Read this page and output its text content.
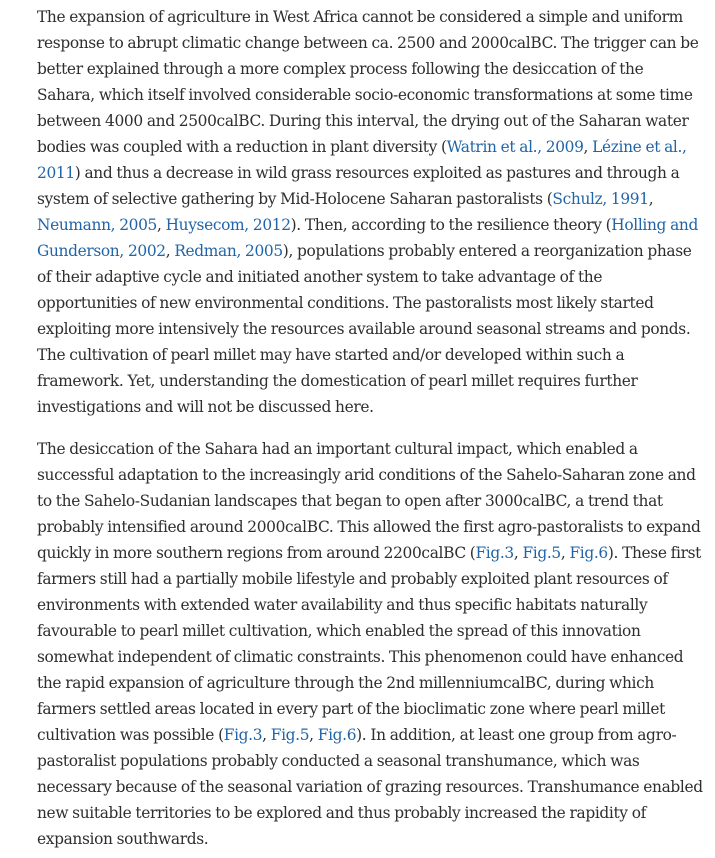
The expansion of agriculture in West Africa cannot be considered a simple and uniform
response to abrupt climatic change between ca. 2500 and 2000calBC. The trigger can be
better explained through a more complex process following the desiccation of the
Sahara, which itself involved considerable socio-economic transformations at some time
between 4000 and 2500calBC. During this interval, the drying out of the Saharan water
bodies was coupled with a reduction in plant diversity (Watrin et al., 2009, Lézine et al.,
2011) and thus a decrease in wild grass resources exploited as pastures and through a
system of selective gathering by Mid-Holocene Saharan pastoralists (Schulz, 1991,
Neumann, 2005, Huysecom, 2012). Then, according to the resilience theory (Holling and
Gunderson, 2002, Redman, 2005), populations probably entered a reorganization phase
of their adaptive cycle and initiated another system to take advantage of the
opportunities of new environmental conditions. The pastoralists most likely started
exploiting more intensively the resources available around seasonal streams and ponds.
The cultivation of pearl millet may have started and/or developed within such a
framework. Yet, understanding the domestication of pearl millet requires further
investigations and will not be discussed here.
The desiccation of the Sahara had an important cultural impact, which enabled a
successful adaptation to the increasingly arid conditions of the Sahelo-Saharan zone and
to the Sahelo-Sudanian landscapes that began to open after 3000calBC, a trend that
probably intensified around 2000calBC. This allowed the first agro-pastoralists to expand
quickly in more southern regions from around 2200calBC (Fig.3, Fig.5, Fig.6). These first
farmers still had a partially mobile lifestyle and probably exploited plant resources of
environments with extended water availability and thus specific habitats naturally
favourable to pearl millet cultivation, which enabled the spread of this innovation
somewhat independent of climatic constraints. This phenomenon could have enhanced
the rapid expansion of agriculture through the 2nd millenniumcalBC, during which
farmers settled areas located in every part of the bioclimatic zone where pearl millet
cultivation was possible (Fig.3, Fig.5, Fig.6). In addition, at least one group from agro-
pastoralist populations probably conducted a seasonal transhumance, which was
necessary because of the seasonal variation of grazing resources. Transhumance enabled
new suitable territories to be explored and thus probably increased the rapidity of
expansion southwards.
